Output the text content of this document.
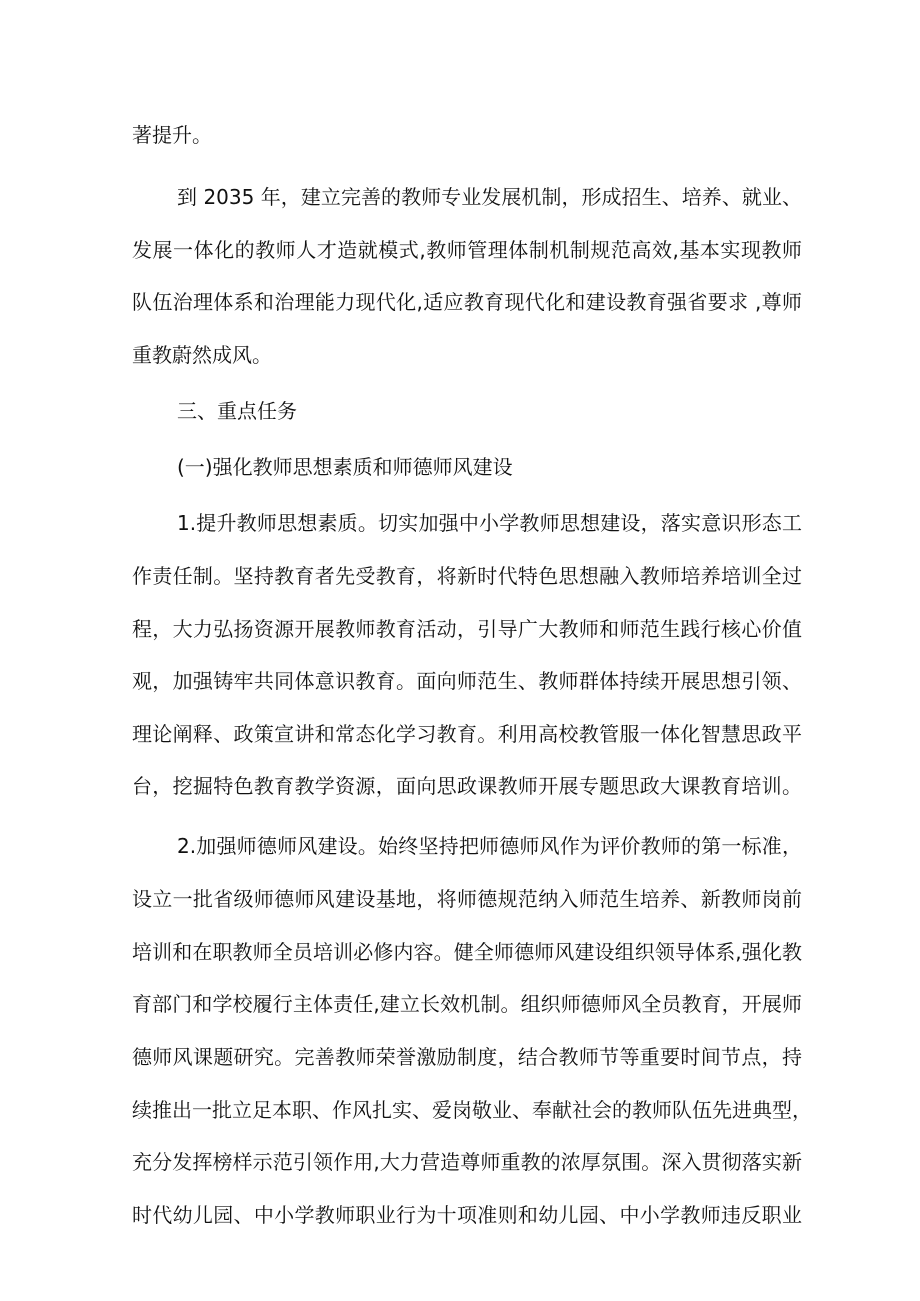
著提升。
到 2035 年，建立完善的教师专业发展机制，形成招生、培养、就业、
发展一体化的教师人才造就模式,教师管理体制机制规范高效,基本实现教师
队伍治理体系和治理能力现代化,适应教育现代化和建设教育强省要求 ,尊师
重教蔚然成风。
三、重点任务
(一)强化教师思想素质和师德师风建设
1.提升教师思想素质。切实加强中小学教师思想建设，落实意识形态工
作责任制。坚持教育者先受教育，将新时代特色思想融入教师培养培训全过
程，大力弘扬资源开展教师教育活动，引导广大教师和师范生践行核心价值
观，加强铸牢共同体意识教育。面向师范生、教师群体持续开展思想引领、
理论阐释、政策宣讲和常态化学习教育。利用高校教管服一体化智慧思政平
台，挖掘特色教育教学资源，面向思政课教师开展专题思政大课教育培训。
2.加强师德师风建设。始终坚持把师德师风作为评价教师的第一标准，
设立一批省级师德师风建设基地，将师德规范纳入师范生培养、新教师岗前
培训和在职教师全员培训必修内容。健全师德师风建设组织领导体系,强化教
育部门和学校履行主体责任,建立长效机制。组织师德师风全员教育，开展师
德师风课题研究。完善教师荣誉激励制度，结合教师节等重要时间节点，持
续推出一批立足本职、作风扎实、爱岗敬业、奉献社会的教师队伍先进典型，
充分发挥榜样示范引领作用,大力营造尊师重教的浓厚氛围。深入贯彻落实新
时代幼儿园、中小学教师职业行为十项准则和幼儿园、中小学教师违反职业
